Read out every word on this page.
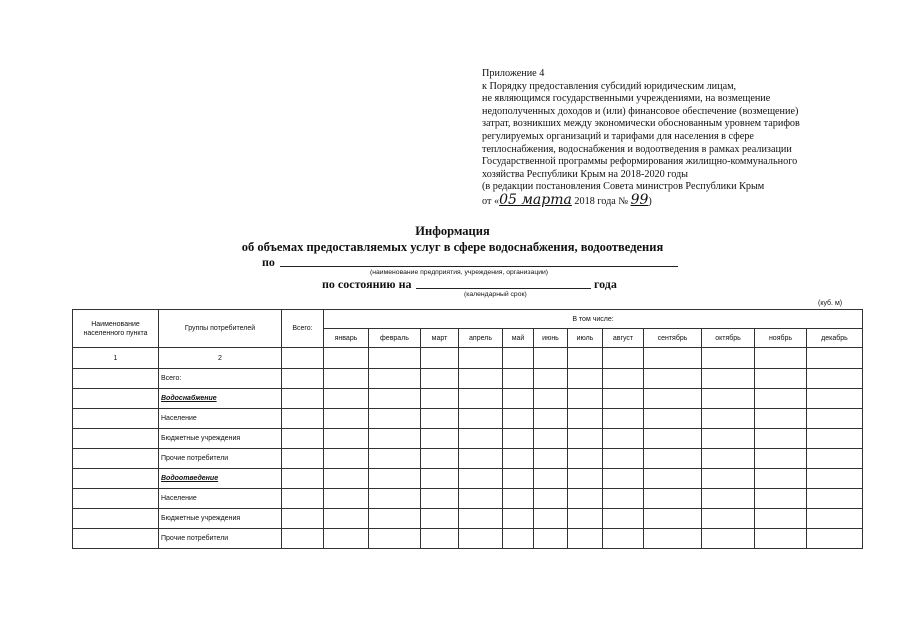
Приложение 4
к Порядку предоставления субсидий юридическим лицам,
не являющимся государственными учреждениями, на возмещение
недополученных доходов и (или) финансовое обеспечение (возмещение)
затрат, возникших между экономически обоснованным уровнем тарифов
регулируемых организаций и тарифами для населения в сфере
теплоснабжения, водоснабжения и водоотведения в рамках реализации
Государственной программы реформирования жилищно-коммунального
хозяйства Республики Крым на 2018-2020 годы
(в редакции постановления Совета министров Республики Крым
от «05 марта 2018 года № 99)
Информация
об объемах предоставляемых услуг в сфере водоснабжения, водоотведения
по
(наименование предприятия, учреждения, организации)
по состоянию на	года
(календарный срок)
(куб. м)
Наименование населенного пункта	Группы потребителей	Всего:	В том числе:											
			январь	февраль	март	апрель	май	июнь	июль	август	сентябрь	октябрь	ноябрь	декабрь
1	2													
	Всего:													
	Водоснабжение													
	Население													
	Бюджетные учреждения													
	Прочие потребители													
	Водоотведение													
	Население													
	Бюджетные учреждения													
	Прочие потребители													
